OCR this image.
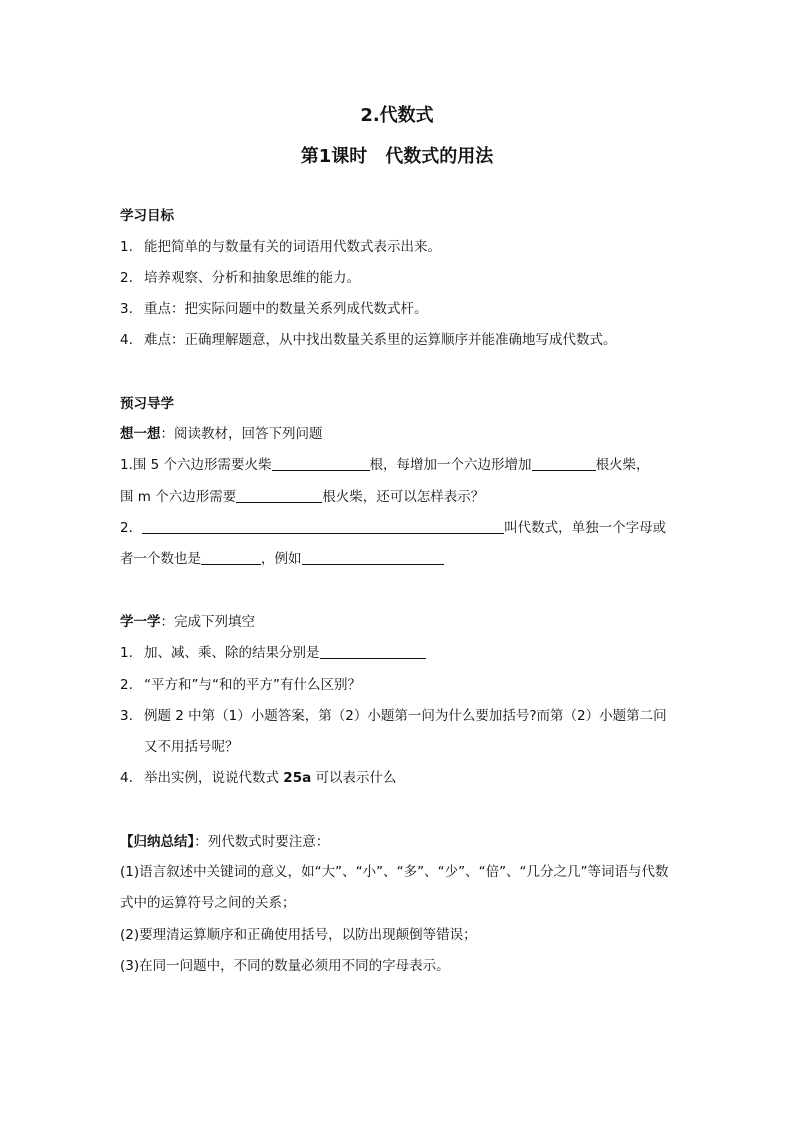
2.代数式
第1课时　代数式的用法
学习目标
1. 能把简单的与数量有关的词语用代数式表示出来。
2. 培养观察、分析和抽象思维的能力。
3. 重点：把实际问题中的数量关系列成代数式杆。
4. 难点：正确理解题意，从中找出数量关系里的运算顺序并能准确地写成代数式。
预习导学
想一想：阅读教材，回答下列问题
1.围 5 个六边形需要火柴	根，每增加一个六边形增加	根火柴，
围 m 个六边形需要	根火柴，还可以怎样表示？
2．	叫代数式，单独一个字母或
者一个数也是	，例如
学一学：完成下列填空
1. 加、减、乘、除的结果分别是
2. “平方和”与“和的平方”有什么区别？
3. 例题 2 中第（1）小题答案，第（2）小题第一问为什么要加括号?而第（2）小题第二问
又不用括号呢？
4. 举出实例，说说代数式 25a 可以表示什么
【归纳总结】：列代数式时要注意：
(1)语言叙述中关键词的意义，如“大”、“小”、“多”、“少”、“倍”、“几分之几”等词语与代数
式中的运算符号之间的关系；
(2)要理清运算顺序和正确使用括号，以防出现颠倒等错误；
(3)在同一问题中，不同的数量必须用不同的字母表示。
